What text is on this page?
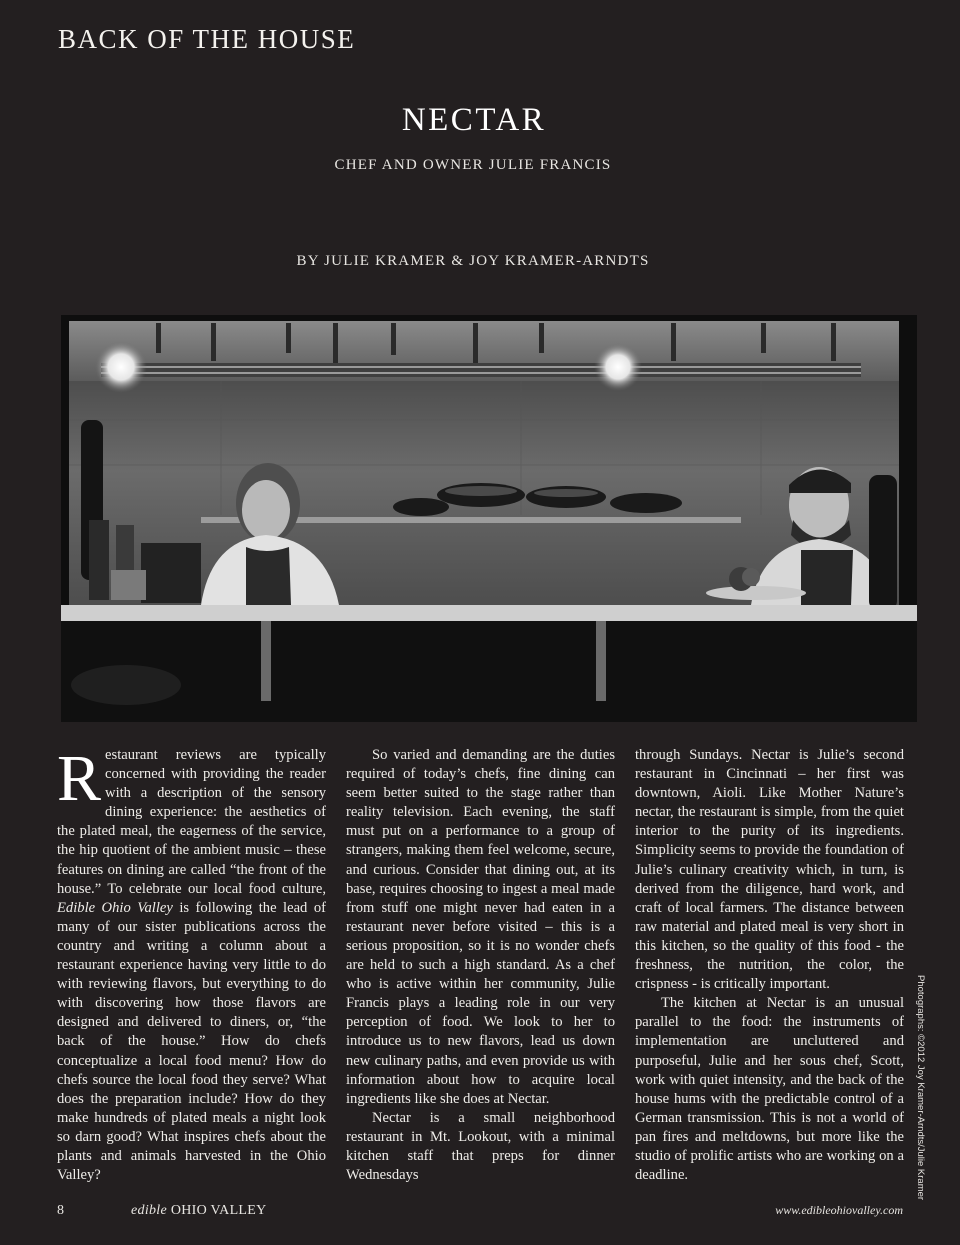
BACK OF THE HOUSE
NECTAR
CHEF AND OWNER JULIE FRANCIS
BY JULIE KRAMER & JOY KRAMER-ARNDTS
Photographs: ©2012 Joy Kramer-Arndts/Julie Kramer

Restaurant reviews are typically concerned with providing the reader with a description of the sensory dining experience: the aesthetics of the plated meal, the eagerness of the service, the hip quotient of the ambient music – these features on dining are called “the front of the house.” To celebrate our local food culture, Edible Ohio Valley is following the lead of many of our sister publications across the country and writing a column about a restaurant experience having very little to do with reviewing flavors, but everything to do with discovering how those flavors are designed and delivered to diners, or, “the back of the house.” How do chefs conceptualize a local food menu? How do chefs source the local food they serve? What does the preparation include? How do they make hundreds of plated meals a night look so darn good? What inspires chefs about the plants and animals harvested in the Ohio Valley?

So varied and demanding are the duties required of today’s chefs, fine dining can seem better suited to the stage rather than reality television. Each evening, the staff must put on a performance to a group of strangers, making them feel welcome, secure, and curious. Consider that dining out, at its base, requires choosing to ingest a meal made from stuff one might never had eaten in a restaurant never before visited – this is a serious proposition, so it is no wonder chefs are held to such a high standard. As a chef who is active within her community, Julie Francis plays a leading role in our very perception of food. We look to her to introduce us to new flavors, lead us down new culinary paths, and even provide us with information about how to acquire local ingredients like she does at Nectar.

Nectar is a small neighborhood restaurant in Mt. Lookout, with a minimal kitchen staff that preps for dinner Wednesdays

through Sundays. Nectar is Julie’s second restaurant in Cincinnati – her first was downtown, Aioli. Like Mother Nature’s nectar, the restaurant is simple, from the quiet interior to the purity of its ingredients. Simplicity seems to provide the foundation of Julie’s culinary creativity which, in turn, is derived from the diligence, hard work, and craft of local farmers. The distance between raw material and plated meal is very short in this kitchen, so the quality of this food - the freshness, the nutrition, the color, the crispness - is critically important.

The kitchen at Nectar is an unusual parallel to the food: the instruments of implementation are uncluttered and purposeful, Julie and her sous chef, Scott, work with quiet intensity, and the back of the house hums with the predictable control of a German transmission. This is not a world of pan fires and meltdowns, but more like the studio of prolific artists who are working on a deadline.

8	edible OHIO VALLEY	www.edibleohiovalley.com
